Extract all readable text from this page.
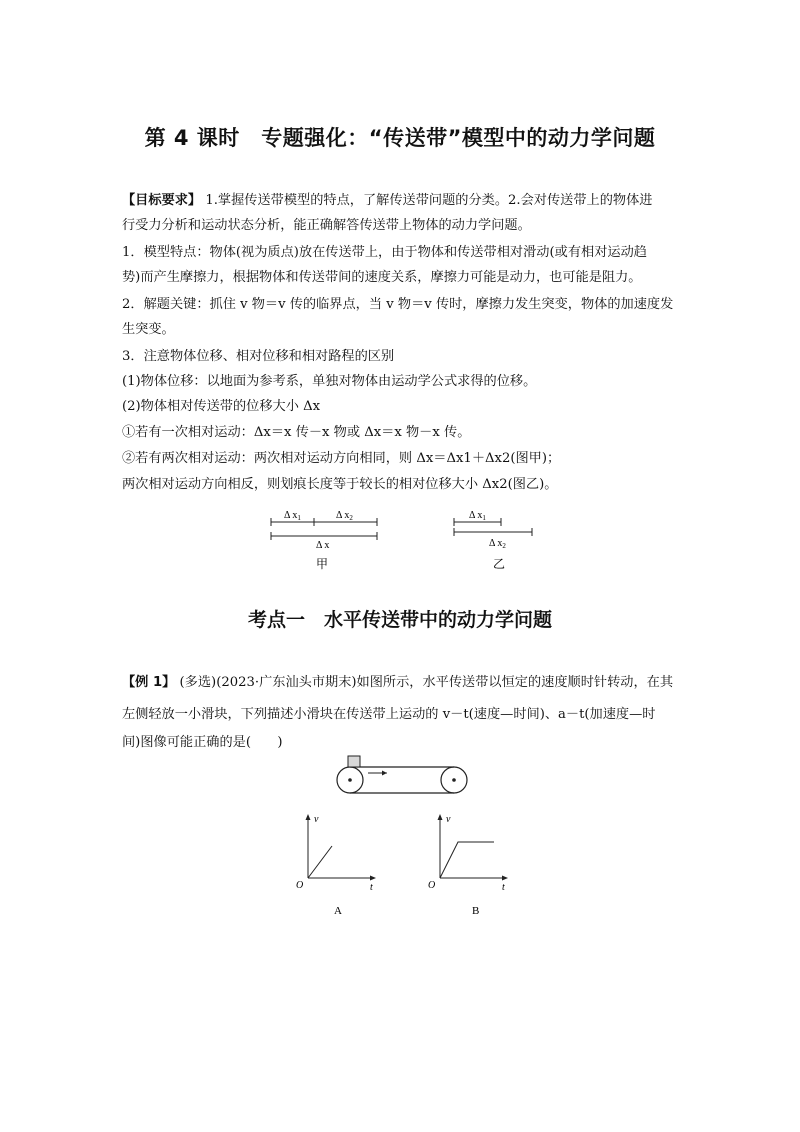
第 4 课时　专题强化：“传送带”模型中的动力学问题
【目标要求】 1.掌握传送带模型的特点，了解传送带问题的分类。2.会对传送带上的物体进
行受力分析和运动状态分析，能正确解答传送带上物体的动力学问题。
1．模型特点：物体(视为质点)放在传送带上，由于物体和传送带相对滑动(或有相对运动趋
势)而产生摩擦力，根据物体和传送带间的速度关系，摩擦力可能是动力，也可能是阻力。
2．解题关键：抓住 v 物＝v 传的临界点，当 v 物＝v 传时，摩擦力发生突变，物体的加速度发
生突变。
3．注意物体位移、相对位移和相对路程的区别
(1)物体位移：以地面为参考系，单独对物体由运动学公式求得的位移。
(2)物体相对传送带的位移大小 Δx
①若有一次相对运动：Δx＝x 传－x 物或 Δx＝x 物－x 传。
②若有两次相对运动：两次相对运动方向相同，则 Δx＝Δx1＋Δx2(图甲)；
两次相对运动方向相反，则划痕长度等于较长的相对位移大小 Δx2(图乙)。
Δ $x_1$	Δ $x_2$
Δ x
甲
Δ $x_1$
Δ $x_2$
乙
考点一　水平传送带中的动力学问题
【例 1】 (多选)(2023·广东汕头市期末)如图所示，水平传送带以恒定的速度顺时针转动，在其
左侧轻放一小滑块，下列描述小滑块在传送带上运动的 v－t(速度—时间)、a－t(加速度—时
间)图像可能正确的是(　　)
v
t
O
A
v
t
O
B
